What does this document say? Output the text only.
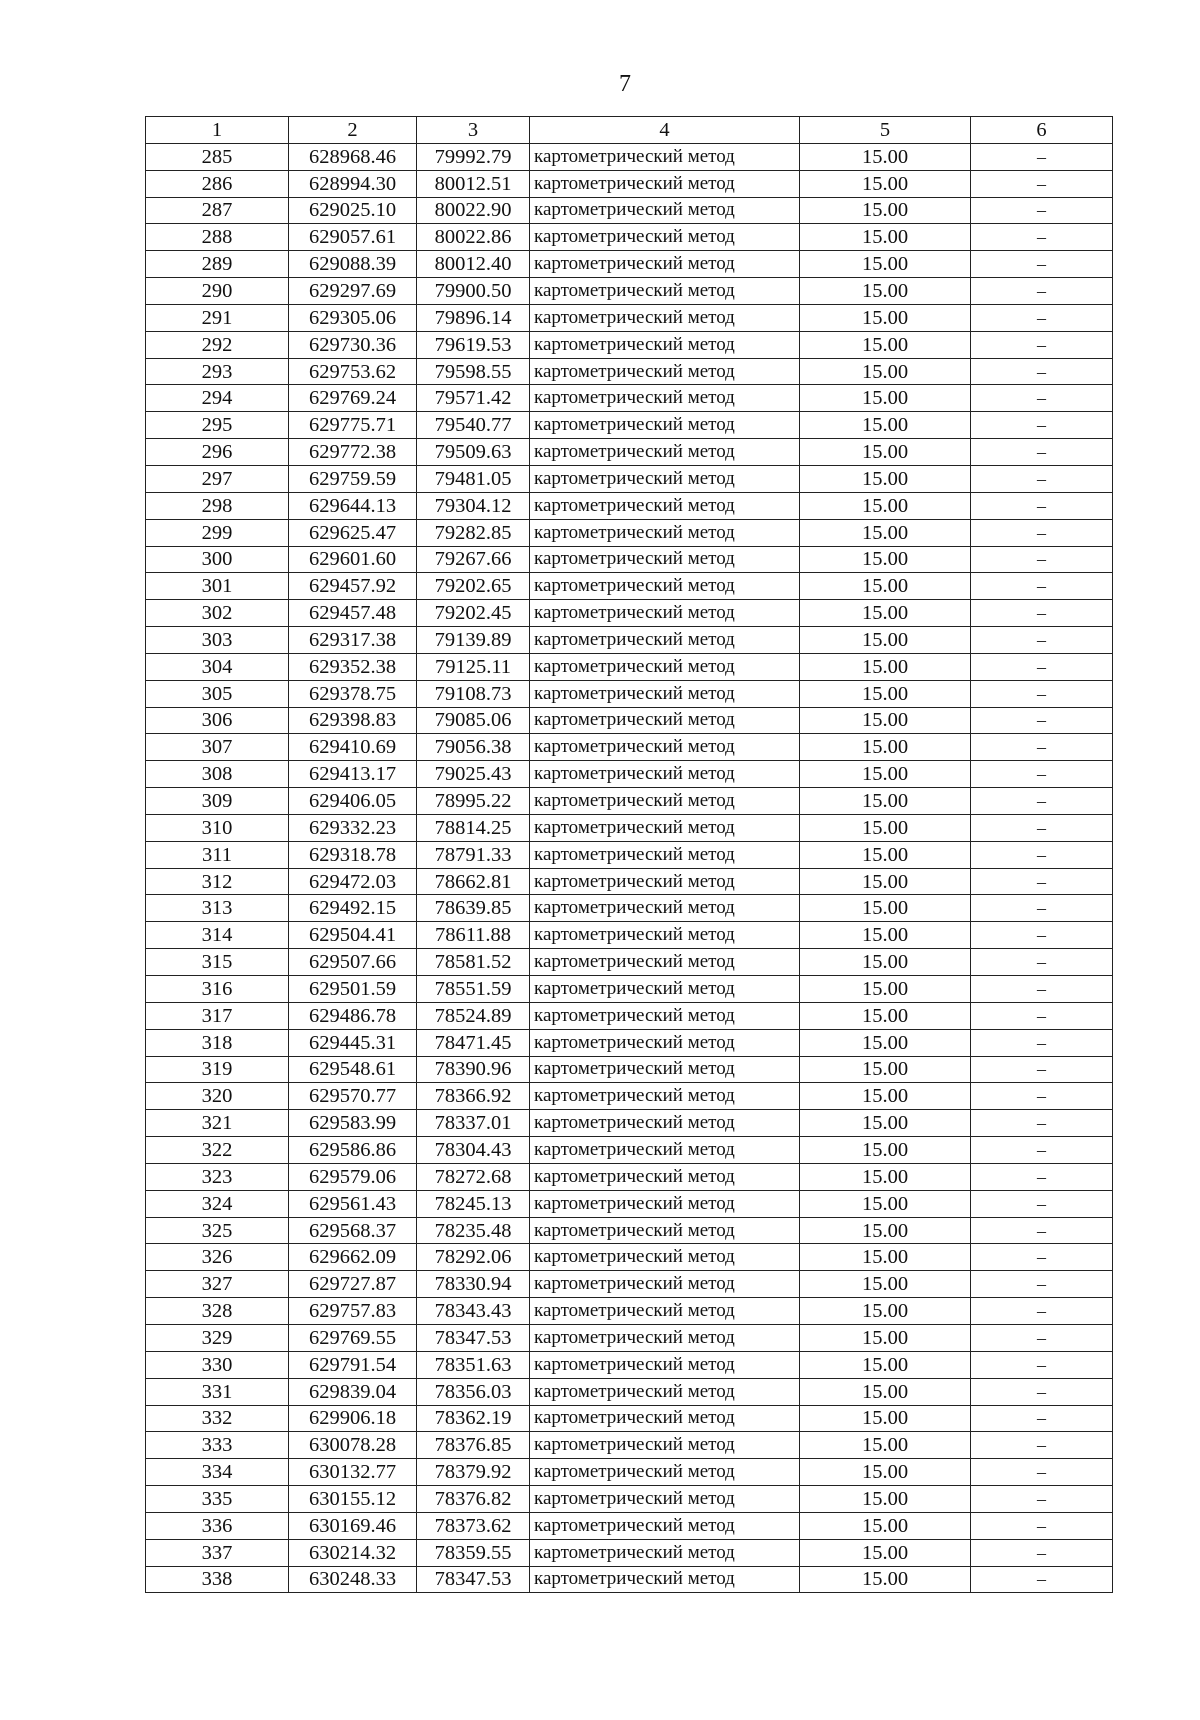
7
1	2	3	4	5	6
285	628968.46	79992.79	картометрический метод	15.00	–
286	628994.30	80012.51	картометрический метод	15.00	–
287	629025.10	80022.90	картометрический метод	15.00	–
288	629057.61	80022.86	картометрический метод	15.00	–
289	629088.39	80012.40	картометрический метод	15.00	–
290	629297.69	79900.50	картометрический метод	15.00	–
291	629305.06	79896.14	картометрический метод	15.00	–
292	629730.36	79619.53	картометрический метод	15.00	–
293	629753.62	79598.55	картометрический метод	15.00	–
294	629769.24	79571.42	картометрический метод	15.00	–
295	629775.71	79540.77	картометрический метод	15.00	–
296	629772.38	79509.63	картометрический метод	15.00	–
297	629759.59	79481.05	картометрический метод	15.00	–
298	629644.13	79304.12	картометрический метод	15.00	–
299	629625.47	79282.85	картометрический метод	15.00	–
300	629601.60	79267.66	картометрический метод	15.00	–
301	629457.92	79202.65	картометрический метод	15.00	–
302	629457.48	79202.45	картометрический метод	15.00	–
303	629317.38	79139.89	картометрический метод	15.00	–
304	629352.38	79125.11	картометрический метод	15.00	–
305	629378.75	79108.73	картометрический метод	15.00	–
306	629398.83	79085.06	картометрический метод	15.00	–
307	629410.69	79056.38	картометрический метод	15.00	–
308	629413.17	79025.43	картометрический метод	15.00	–
309	629406.05	78995.22	картометрический метод	15.00	–
310	629332.23	78814.25	картометрический метод	15.00	–
311	629318.78	78791.33	картометрический метод	15.00	–
312	629472.03	78662.81	картометрический метод	15.00	–
313	629492.15	78639.85	картометрический метод	15.00	–
314	629504.41	78611.88	картометрический метод	15.00	–
315	629507.66	78581.52	картометрический метод	15.00	–
316	629501.59	78551.59	картометрический метод	15.00	–
317	629486.78	78524.89	картометрический метод	15.00	–
318	629445.31	78471.45	картометрический метод	15.00	–
319	629548.61	78390.96	картометрический метод	15.00	–
320	629570.77	78366.92	картометрический метод	15.00	–
321	629583.99	78337.01	картометрический метод	15.00	–
322	629586.86	78304.43	картометрический метод	15.00	–
323	629579.06	78272.68	картометрический метод	15.00	–
324	629561.43	78245.13	картометрический метод	15.00	–
325	629568.37	78235.48	картометрический метод	15.00	–
326	629662.09	78292.06	картометрический метод	15.00	–
327	629727.87	78330.94	картометрический метод	15.00	–
328	629757.83	78343.43	картометрический метод	15.00	–
329	629769.55	78347.53	картометрический метод	15.00	–
330	629791.54	78351.63	картометрический метод	15.00	–
331	629839.04	78356.03	картометрический метод	15.00	–
332	629906.18	78362.19	картометрический метод	15.00	–
333	630078.28	78376.85	картометрический метод	15.00	–
334	630132.77	78379.92	картометрический метод	15.00	–
335	630155.12	78376.82	картометрический метод	15.00	–
336	630169.46	78373.62	картометрический метод	15.00	–
337	630214.32	78359.55	картометрический метод	15.00	–
338	630248.33	78347.53	картометрический метод	15.00	–
